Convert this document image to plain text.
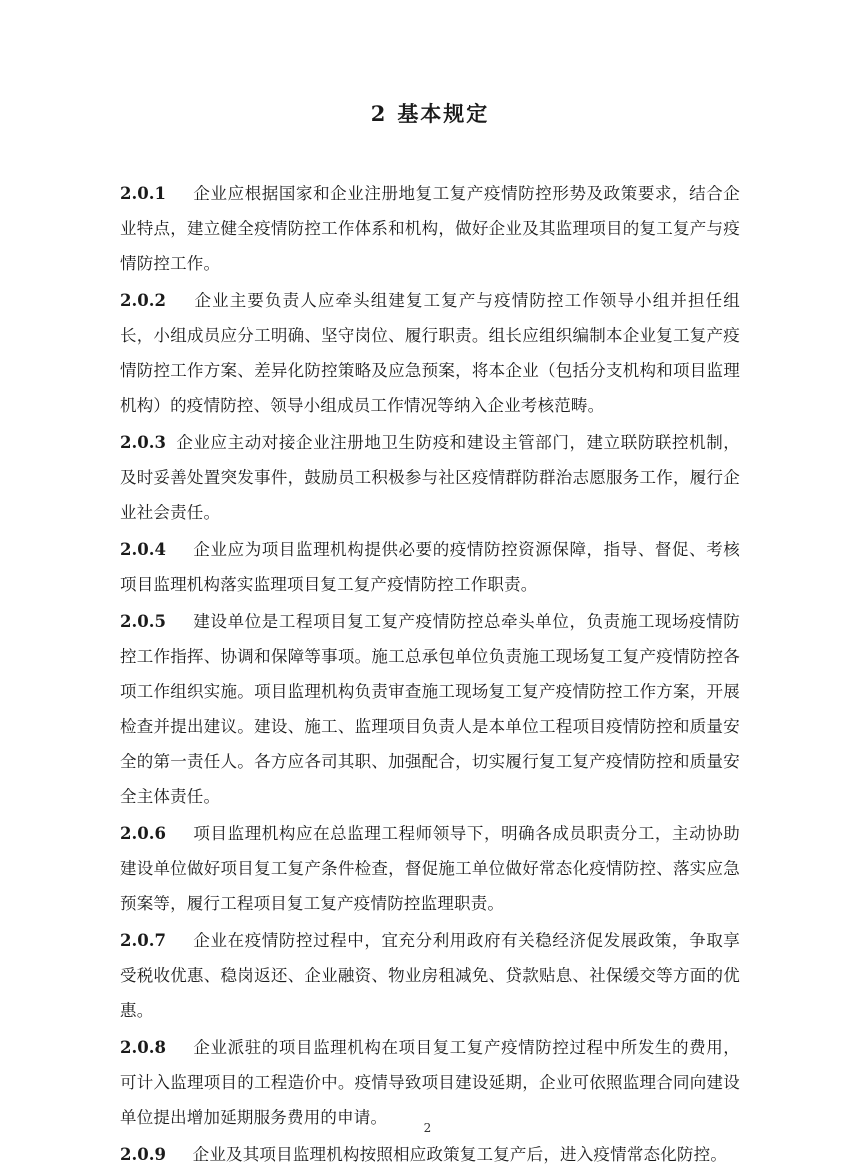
2 基本规定

2.0.1　企业应根据国家和企业注册地复工复产疫情防控形势及政策要求，结合企业特点，建立健全疫情防控工作体系和机构，做好企业及其监理项目的复工复产与疫情防控工作。

2.0.2　企业主要负责人应牵头组建复工复产与疫情防控工作领导小组并担任组长，小组成员应分工明确、坚守岗位、履行职责。组长应组织编制本企业复工复产疫情防控工作方案、差异化防控策略及应急预案，将本企业（包括分支机构和项目监理机构）的疫情防控、领导小组成员工作情况等纳入企业考核范畴。

2.0.3 企业应主动对接企业注册地卫生防疫和建设主管部门，建立联防联控机制，及时妥善处置突发事件，鼓励员工积极参与社区疫情群防群治志愿服务工作，履行企业社会责任。

2.0.4　企业应为项目监理机构提供必要的疫情防控资源保障，指导、督促、考核项目监理机构落实监理项目复工复产疫情防控工作职责。

2.0.5　建设单位是工程项目复工复产疫情防控总牵头单位，负责施工现场疫情防控工作指挥、协调和保障等事项。施工总承包单位负责施工现场复工复产疫情防控各项工作组织实施。项目监理机构负责审查施工现场复工复产疫情防控工作方案，开展检查并提出建议。建设、施工、监理项目负责人是本单位工程项目疫情防控和质量安全的第一责任人。各方应各司其职、加强配合，切实履行复工复产疫情防控和质量安全主体责任。

2.0.6　项目监理机构应在总监理工程师领导下，明确各成员职责分工，主动协助建设单位做好项目复工复产条件检查，督促施工单位做好常态化疫情防控、落实应急预案等，履行工程项目复工复产疫情防控监理职责。

2.0.7　企业在疫情防控过程中，宜充分利用政府有关稳经济促发展政策，争取享受税收优惠、稳岗返还、企业融资、物业房租减免、贷款贴息、社保缓交等方面的优惠。

2.0.8　企业派驻的项目监理机构在项目复工复产疫情防控过程中所发生的费用，可计入监理项目的工程造价中。疫情导致项目建设延期，企业可依照监理合同向建设单位提出增加延期服务费用的申请。

2.0.9　企业及其项目监理机构按照相应政策复工复产后，进入疫情常态化防控。

2
